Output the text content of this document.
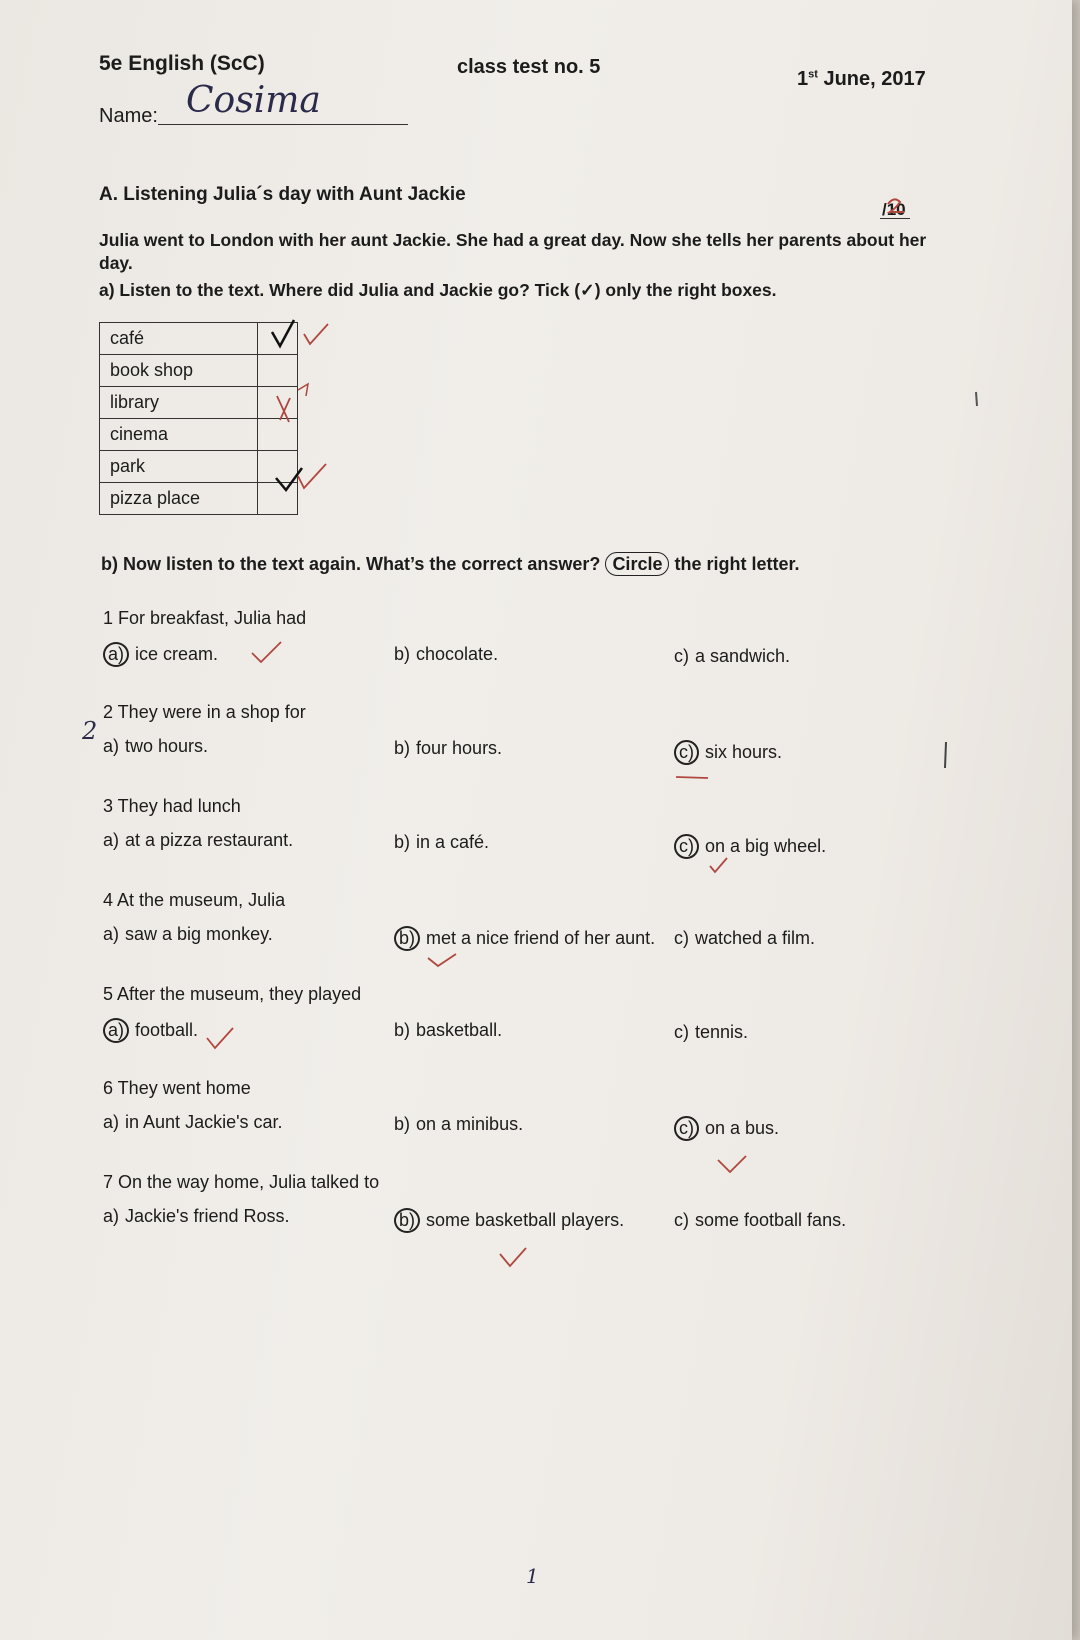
5e English (ScC)	class test no. 5
1st June, 2017
Name: Cosima
A. Listening Julia´s day with Aunt Jackie
/10
Julia went to London with her aunt Jackie. She had a great day. Now she tells her parents about her day.
a) Listen to the text. Where did Julia and Jackie go? Tick (✓) only the right boxes.
café	
book shop	
library	
cinema	
park	
pizza place	
b) Now listen to the text again. What’s the correct answer? Circle the right letter.
1 For breakfast, Julia had
a) ice cream.	b) chocolate.	c) a sandwich.
2 They were in a shop for
a) two hours.	b) four hours.	c) six hours.
3 They had lunch
a) at a pizza restaurant.	b) in a café.	c) on a big wheel.
4 At the museum, Julia
a) saw a big monkey.	b) met a nice friend of her aunt. c) watched a film.
5 After the museum, they played
a) football.	b) basketball.	c) tennis.
6 They went home
a) in Aunt Jackie's car.	b) on a minibus.	c) on a bus.
7 On the way home, Julia talked to
a) Jackie's friend Ross.	b) some basketball players.	c) some football fans.
2
1
